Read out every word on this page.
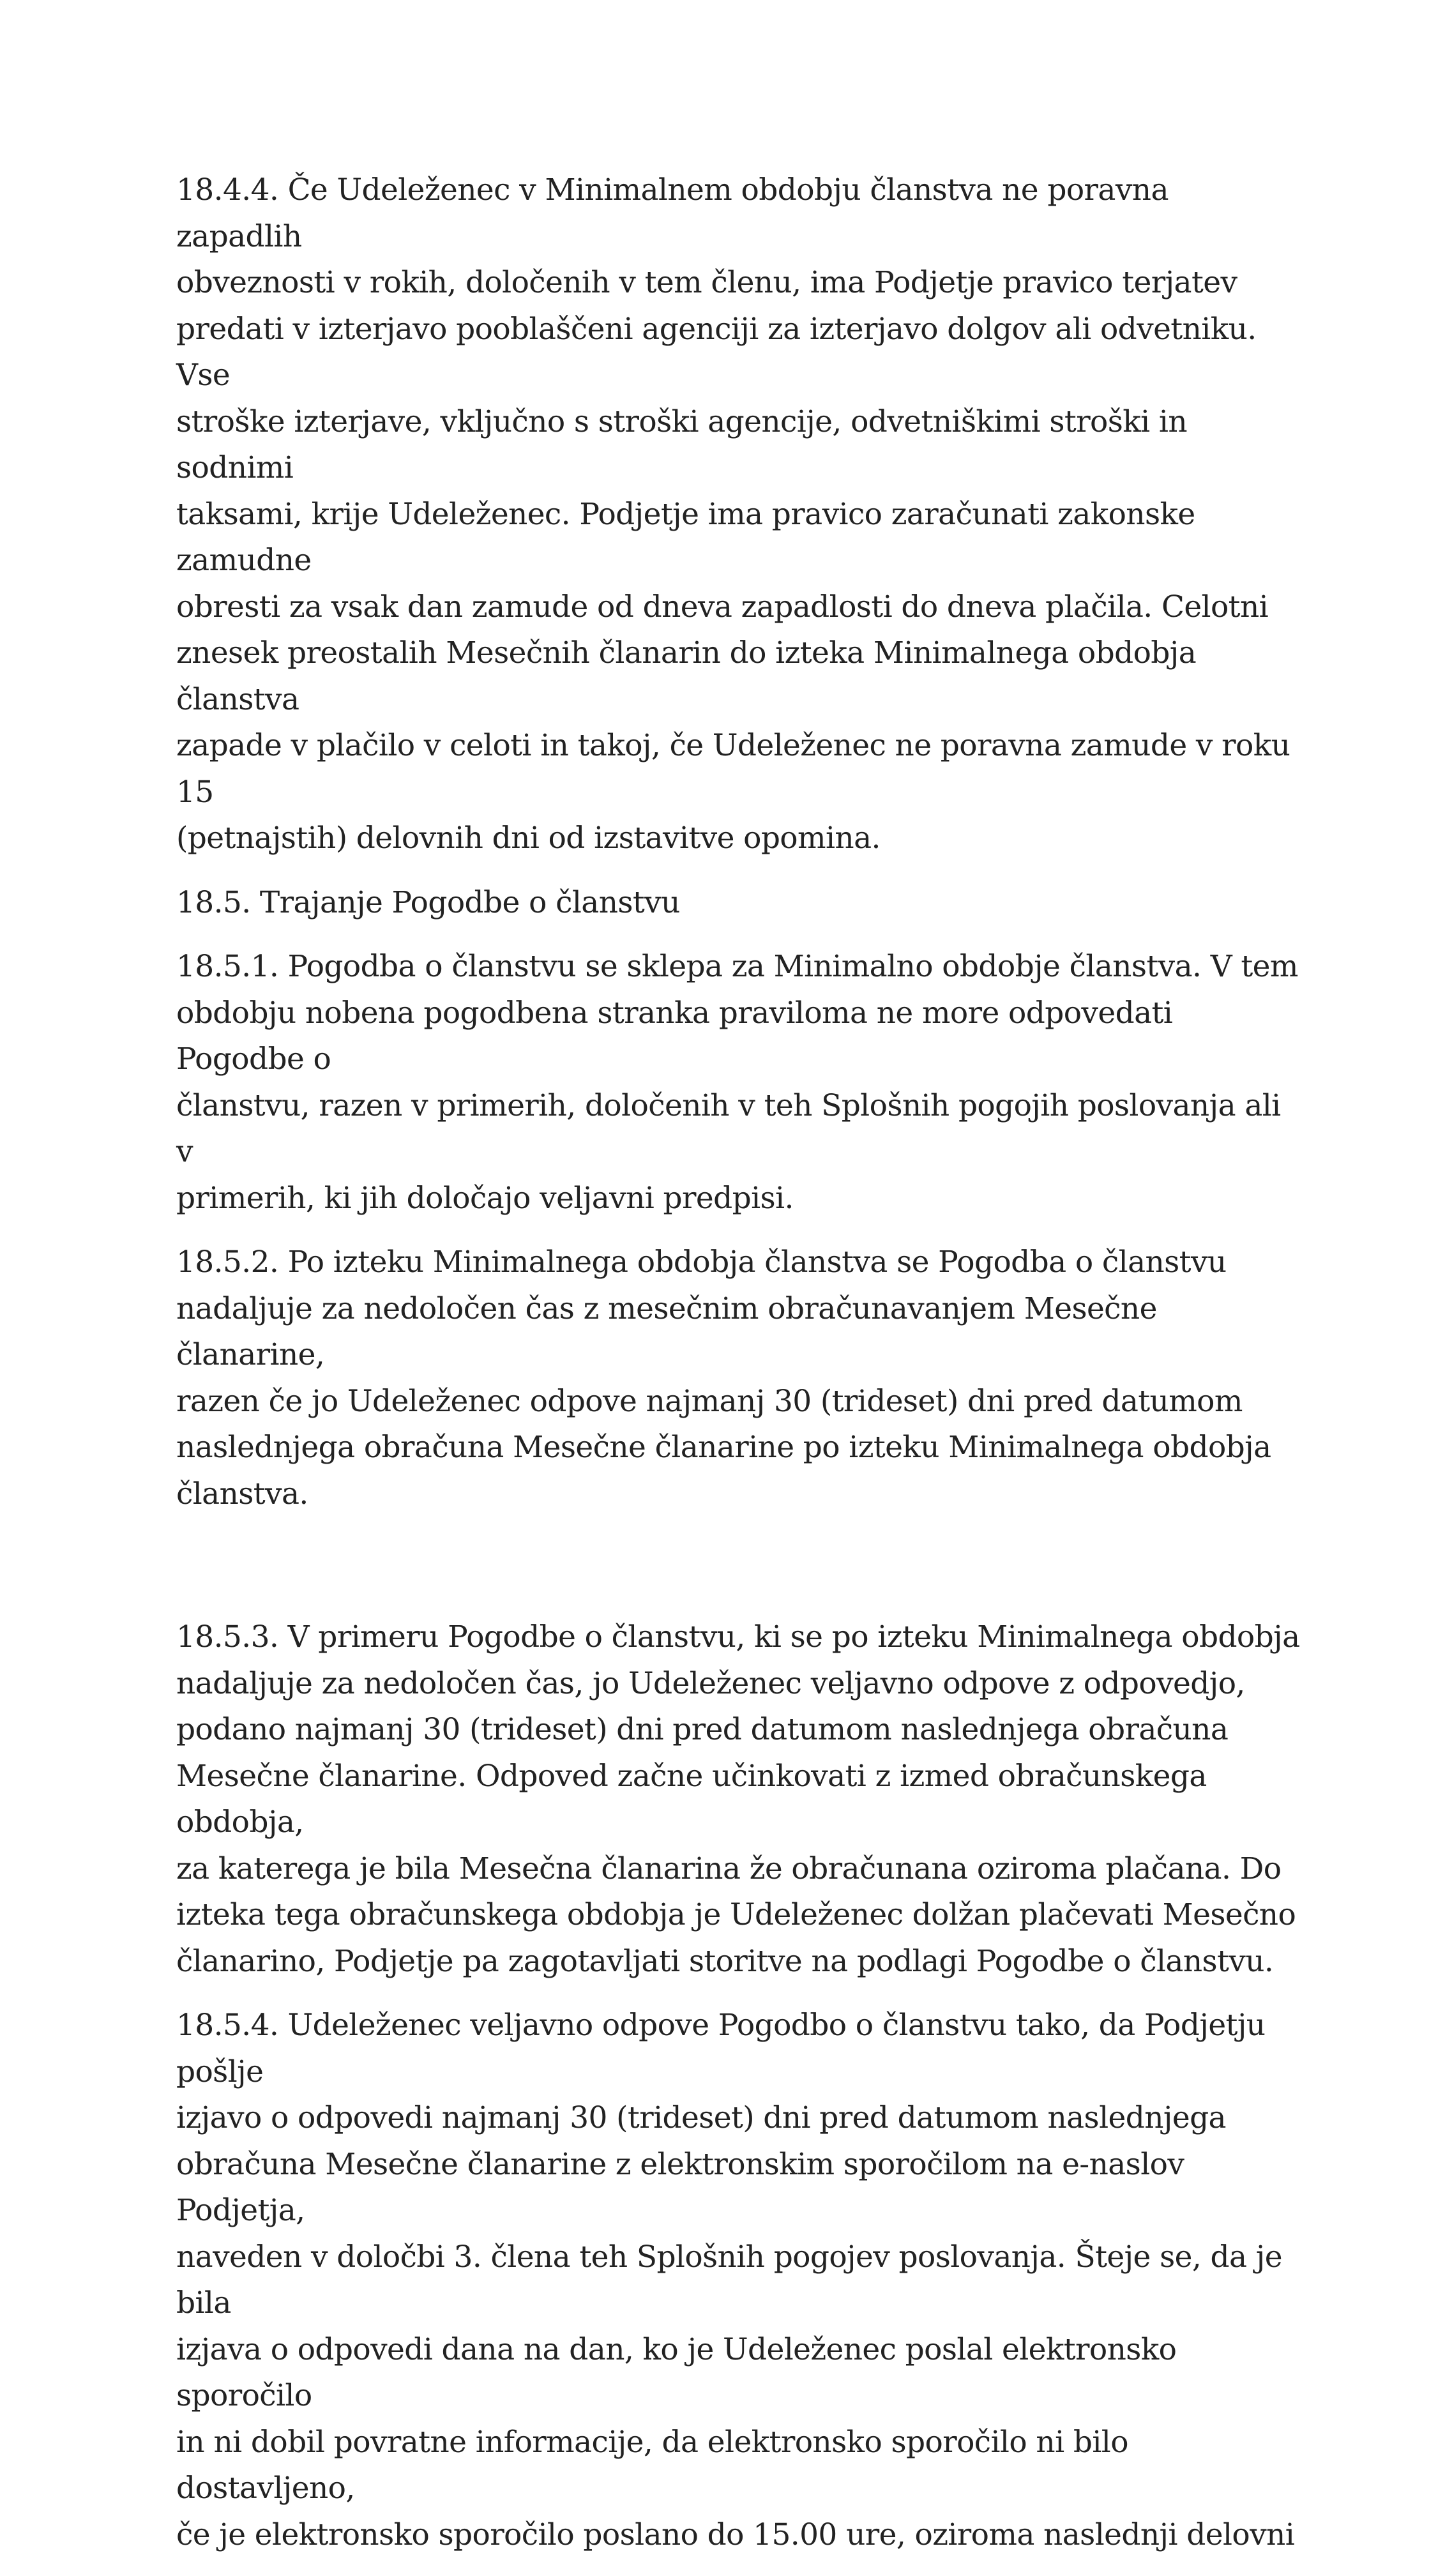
18.4.4. Če Udeleženec v Minimalnem obdobju članstva ne poravna zapadlih
obveznosti v rokih, določenih v tem členu, ima Podjetje pravico terjatev
predati v izterjavo pooblaščeni agenciji za izterjavo dolgov ali odvetniku. Vse
stroške izterjave, vključno s stroški agencije, odvetniškimi stroški in sodnimi
taksami, krije Udeleženec. Podjetje ima pravico zaračunati zakonske zamudne
obresti za vsak dan zamude od dneva zapadlosti do dneva plačila. Celotni
znesek preostalih Mesečnih članarin do izteka Minimalnega obdobja članstva
zapade v plačilo v celoti in takoj, če Udeleženec ne poravna zamude v roku 15
(petnajstih) delovnih dni od izstavitve opomina.

18.5. Trajanje Pogodbe o članstvu

18.5.1. Pogodba o članstvu se sklepa za Minimalno obdobje članstva. V tem
obdobju nobena pogodbena stranka praviloma ne more odpovedati Pogodbe o
članstvu, razen v primerih, določenih v teh Splošnih pogojih poslovanja ali v
primerih, ki jih določajo veljavni predpisi.

18.5.2. Po izteku Minimalnega obdobja članstva se Pogodba o članstvu
nadaljuje za nedoločen čas z mesečnim obračunavanjem Mesečne članarine,
razen če jo Udeleženec odpove najmanj 30 (trideset) dni pred datumom
naslednjega obračuna Mesečne članarine po izteku Minimalnega obdobja
članstva.

18.5.3. V primeru Pogodbe o članstvu, ki se po izteku Minimalnega obdobja
nadaljuje za nedoločen čas, jo Udeleženec veljavno odpove z odpovedjo,
podano najmanj 30 (trideset) dni pred datumom naslednjega obračuna
Mesečne članarine. Odpoved začne učinkovati z izmed obračunskega obdobja,
za katerega je bila Mesečna članarina že obračunana oziroma plačana. Do
izteka tega obračunskega obdobja je Udeleženec dolžan plačevati Mesečno
članarino, Podjetje pa zagotavljati storitve na podlagi Pogodbe o članstvu.

18.5.4. Udeleženec veljavno odpove Pogodbo o članstvu tako, da Podjetju pošlje
izjavo o odpovedi najmanj 30 (trideset) dni pred datumom naslednjega
obračuna Mesečne članarine z elektronskim sporočilom na e-naslov Podjetja,
naveden v določbi 3. člena teh Splošnih pogojev poslovanja. Šteje se, da je bila
izjava o odpovedi dana na dan, ko je Udeleženec poslal elektronsko sporočilo
in ni dobil povratne informacije, da elektronsko sporočilo ni bilo dostavljeno,
če je elektronsko sporočilo poslano do 15.00 ure, oziroma naslednji delovni
